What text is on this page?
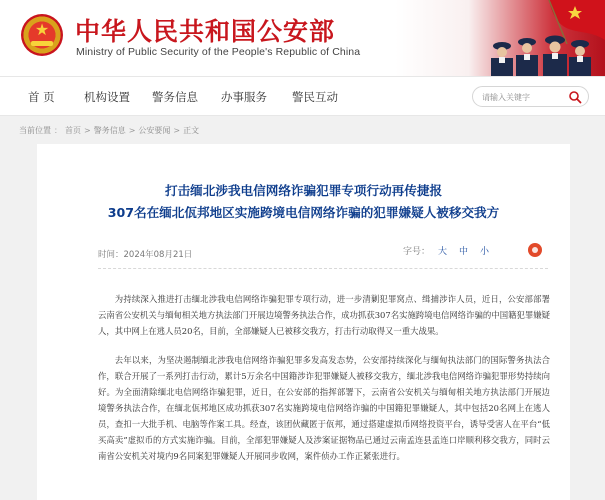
★	中华人民共和国公安部
Ministry of Public Security of the People's Republic of China
首 页	机构设置 警务信息 办事服务 警民互动
请输入关键字
当前位置 ： 首页 > 警务信息 > 公安要闻 > 正文
打击缅北涉我电信网络诈骗犯罪专项行动再传捷报
307名在缅北佤邦地区实施跨境电信网络诈骗的犯罪嫌疑人被移交我方
时间：2024年08月21日	字号： 大 中 小

为持续深入推进打击缅北涉我电信网络诈骗犯罪专项行动，进一步清剿犯罪窝点、缉捕涉诈人员，近日，公安部部署云南省公安机关与缅甸相关地方执法部门开展边境警务执法合作，成功抓获307名实施跨境电信网络诈骗的中国籍犯罪嫌疑人，其中网上在逃人员20名，目前，全部嫌疑人已被移交我方，打击行动取得又一重大战果。

去年以来，为坚决遏制缅北涉我电信网络诈骗犯罪多发高发态势，公安部持续深化与缅甸执法部门的国际警务执法合作，联合开展了一系列打击行动，累计5万余名中国籍涉诈犯罪嫌疑人被移交我方，缅北涉我电信网络诈骗犯罪形势持续向好。为全面清除缅北电信网络诈骗犯罪，近日，在公安部的指挥部署下，云南省公安机关与缅甸相关地方执法部门开展边境警务执法合作，在缅北佤邦地区成功抓获307名实施跨境电信网络诈骗的中国籍犯罪嫌疑人，其中包括20名网上在逃人员，查扣一大批手机、电脑等作案工具。经查，该团伙藏匿于佤邦，通过搭建虚拟币网络投资平台，诱导受害人在平台“低买高卖”虚拟币的方式实施诈骗。目前，全部犯罪嫌疑人及涉案证据物品已通过云南孟连县孟连口岸顺利移交我方，同时云南省公安机关对境内9名同案犯罪嫌疑人开展同步收网，案件侦办工作正紧张进行。
